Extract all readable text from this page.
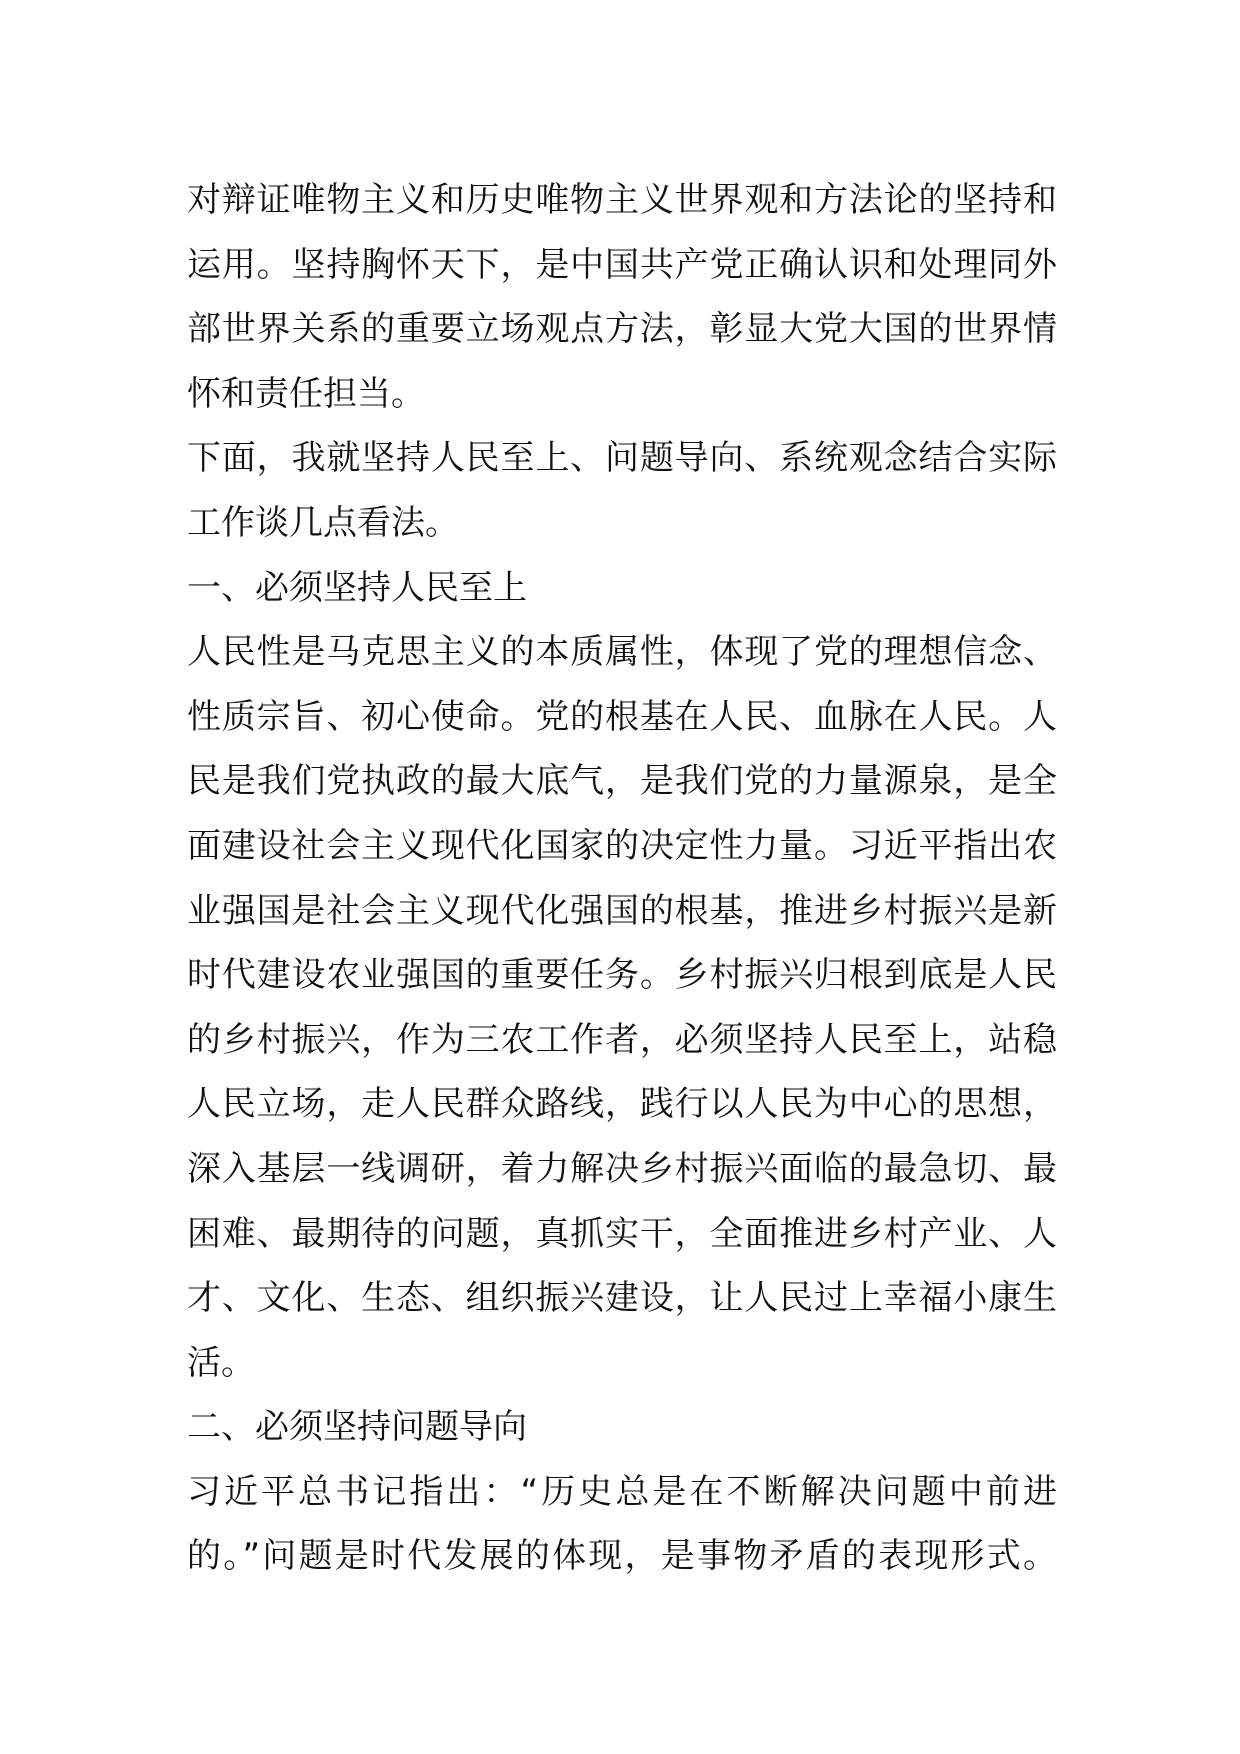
对辩证唯物主义和历史唯物主义世界观和方法论的坚持和
运用。坚持胸怀天下，是中国共产党正确认识和处理同外
部世界关系的重要立场观点方法，彰显大党大国的世界情
怀和责任担当。
下面，我就坚持人民至上、问题导向、系统观念结合实际
工作谈几点看法。
一、必须坚持人民至上
人民性是马克思主义的本质属性，体现了党的理想信念、
性质宗旨、初心使命。党的根基在人民、血脉在人民。人
民是我们党执政的最大底气，是我们党的力量源泉，是全
面建设社会主义现代化国家的决定性力量。习近平指出农
业强国是社会主义现代化强国的根基，推进乡村振兴是新
时代建设农业强国的重要任务。乡村振兴归根到底是人民
的乡村振兴，作为三农工作者，必须坚持人民至上，站稳
人民立场，走人民群众路线，践行以人民为中心的思想，
深入基层一线调研，着力解决乡村振兴面临的最急切、最
困难、最期待的问题，真抓实干，全面推进乡村产业、人
才、文化、生态、组织振兴建设，让人民过上幸福小康生
活。
二、必须坚持问题导向
习近平总书记指出：“历史总是在不断解决问题中前进
的。”问题是时代发展的体现，是事物矛盾的表现形式。
